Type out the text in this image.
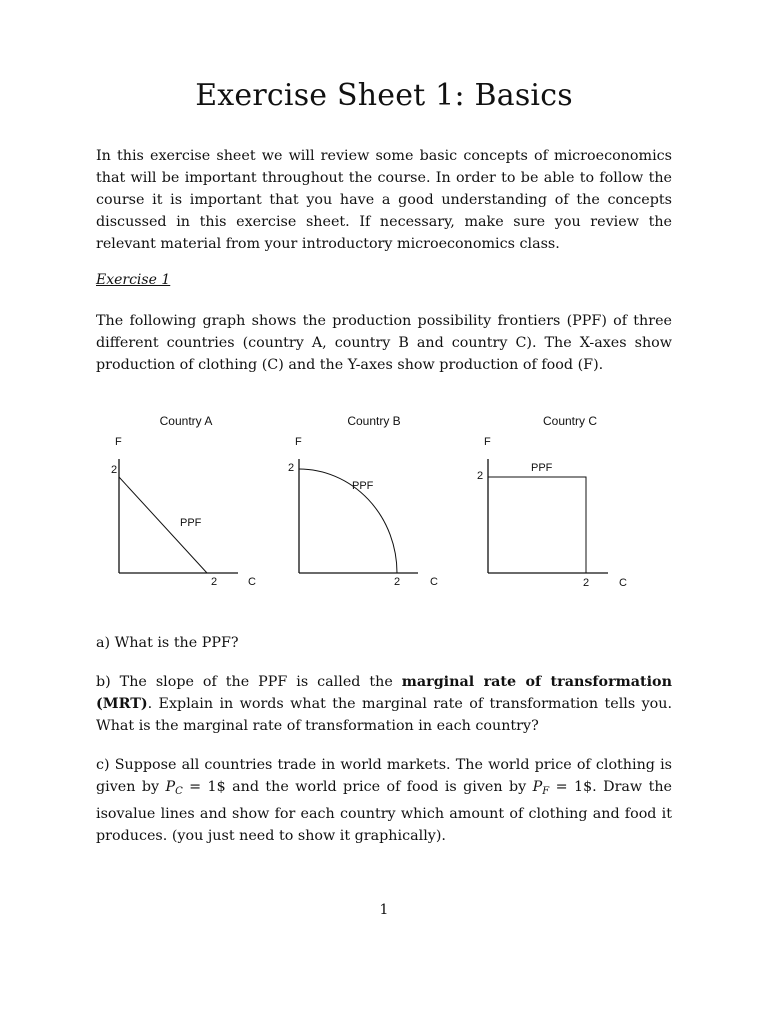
Exercise Sheet 1: Basics

In this exercise sheet we will review some basic concepts of microeconomics that will be important throughout the course. In order to be able to follow the course it is important that you have a good understanding of the concepts discussed in this exercise sheet. If necessary, make sure you review the relevant material from your introductory microeconomics class.

Exercise 1

The following graph shows the production possibility frontiers (PPF) of three different countries (country A, country B and country C). The X-axes show production of clothing (C) and the Y-axes show production of food (F).

Country A
F
2
PPF
2	C
Country B
F
2
PPF
2	C
Country C
F
2
PPF
2	C

a) What is the PPF?

b) The slope of the PPF is called the marginal rate of transformation (MRT). Explain in words what the marginal rate of transformation tells you. What is the marginal rate of transformation in each country?

c) Suppose all countries trade in world markets. The world price of clothing is given by $P_C$ = 1$ and the world price of food is given by $P_F$ = 1$. Draw the isovalue lines and show for each country which amount of clothing and food it produces. (you just need to show it graphically).

1
